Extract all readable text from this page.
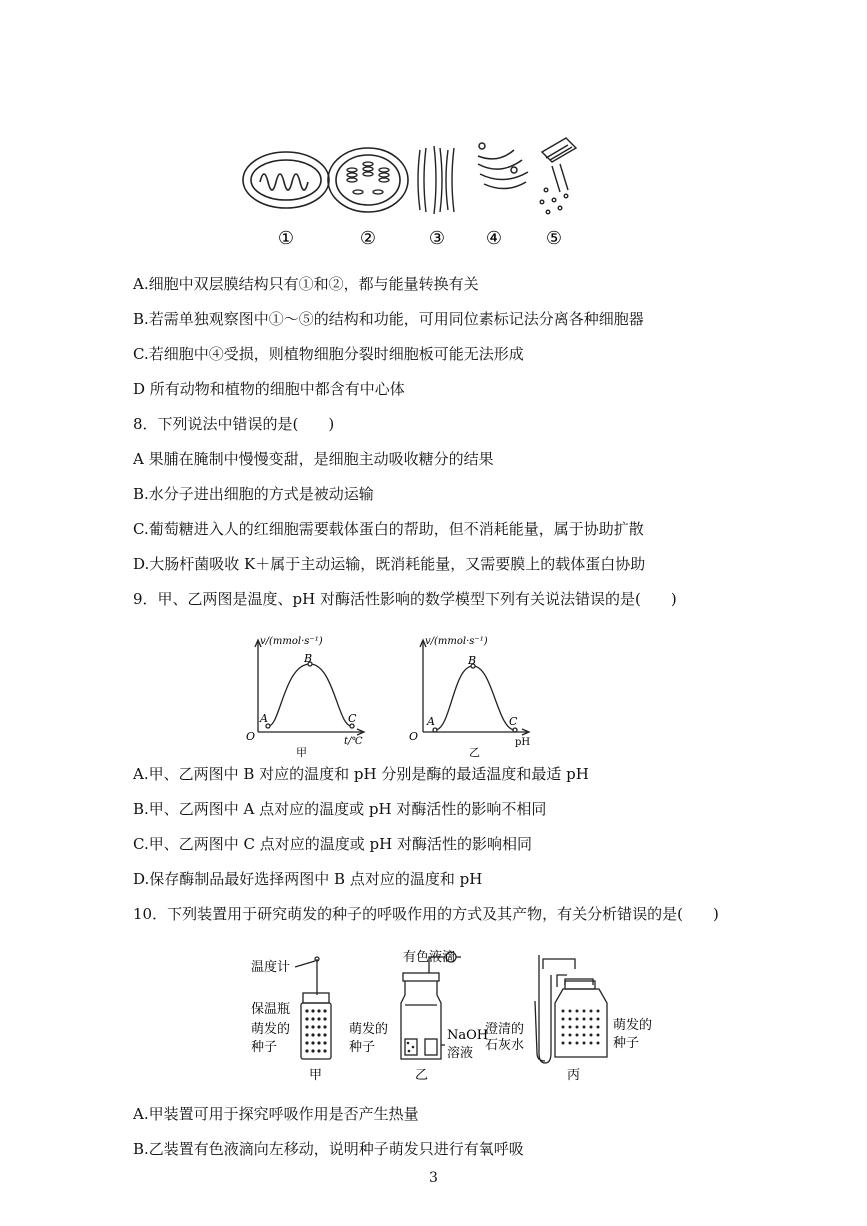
①	②	③ ④ ⑤
A.细胞中双层膜结构只有①和②，都与能量转换有关
B.若需单独观察图中①～⑤的结构和功能，可用同位素标记法分离各种细胞器
C.若细胞中④受损，则植物细胞分裂时细胞板可能无法形成
D 所有动物和植物的细胞中都含有中心体
8．下列说法中错误的是(　　)
A 果脯在腌制中慢慢变甜，是细胞主动吸收糖分的结果
B.水分子进出细胞的方式是被动运输
C.葡萄糖进入人的红细胞需要载体蛋白的帮助，但不消耗能量，属于协助扩散
D.大肠杆菌吸收 K＋属于主动运输，既消耗能量，又需要膜上的载体蛋白协助
9．甲、乙两图是温度、pH 对酶活性影响的数学模型下列有关说法错误的是(　　)
v/(mmol·s⁻¹)
B
A	C
O	t/℃
甲
v/(mmol·s⁻¹)
B
A	C
O	pH
乙
A.甲、乙两图中 B 对应的温度和 pH 分别是酶的最适温度和最适 pH
B.甲、乙两图中 A 点对应的温度或 pH 对酶活性的影响不相同
C.甲、乙两图中 C 点对应的温度或 pH 对酶活性的影响相同
D.保存酶制品最好选择两图中 B 点对应的温度和 pH
10．下列装置用于研究萌发的种子的呼吸作用的方式及其产物，有关分析错误的是(　　)
温度计
保温瓶
萌发的
种子
甲
有色液滴
萌发的
种子
NaOH
溶液
乙
澄清的
石灰水
萌发的
种子
丙
A.甲装置可用于探究呼吸作用是否产生热量
B.乙装置有色液滴向左移动，说明种子萌发只进行有氧呼吸
3
